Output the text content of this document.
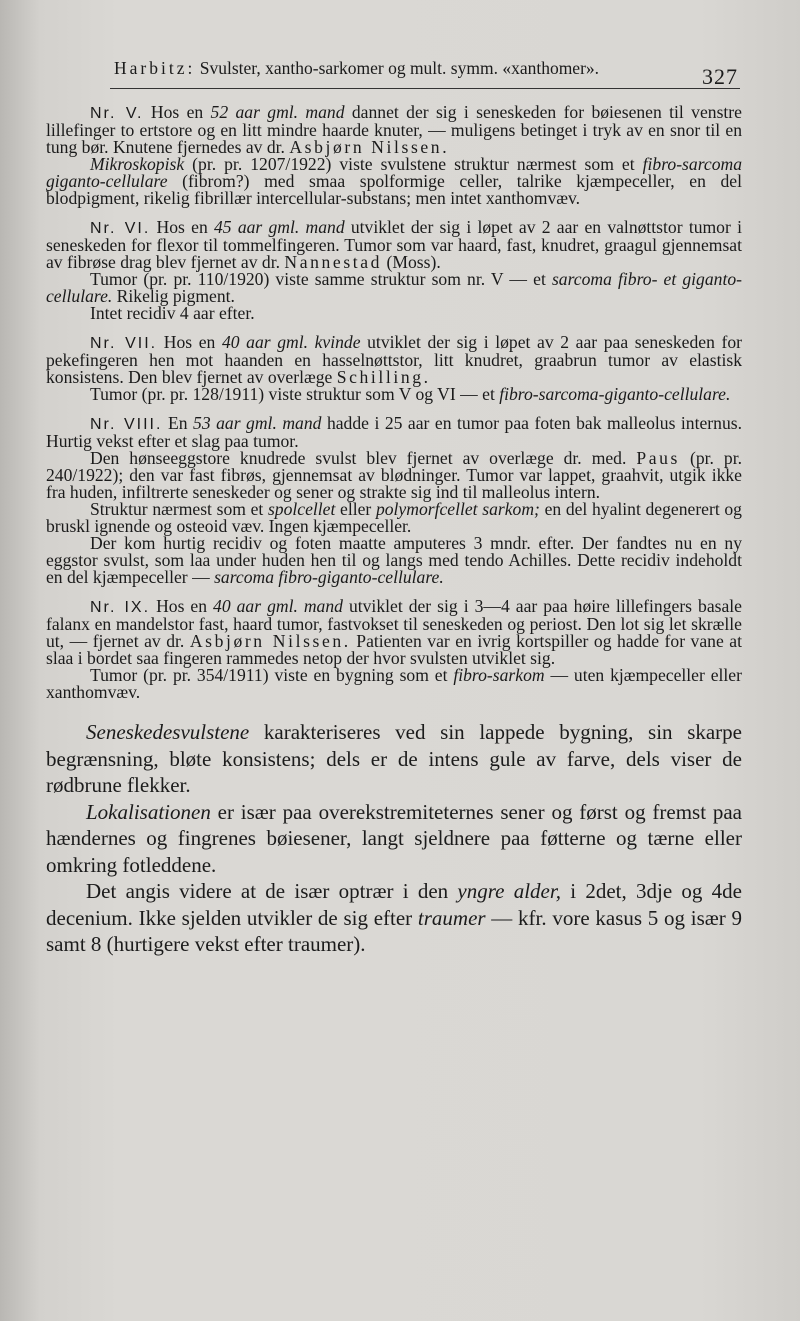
Harbitz: Svulster, xantho-sarkomer og mult. symm. «xanthomer».	327

Nr. V. Hos en 52 aar gml. mand dannet der sig i seneskeden for bøiesenen til venstre lillefinger to ertstore og en litt mindre haarde knuter, — muligens betinget i tryk av en snor til en tung bør. Knutene fjernedes av dr. Asbjørn Nilssen.

Mikroskopisk (pr. pr. 1207/1922) viste svulstene struktur nærmest som et fibro-sarcoma giganto-cellulare (fibrom?) med smaa spolformige celler, talrike kjæmpeceller, en del blodpigment, rikelig fibrillær intercellular-substans; men intet xanthomvæv.

Nr. VI. Hos en 45 aar gml. mand utviklet der sig i løpet av 2 aar en valnøttstor tumor i seneskeden for flexor til tommelfingeren. Tumor som var haard, fast, knudret, graagul gjennemsat av fibrøse drag blev fjernet av dr. Nannestad (Moss).

Tumor (pr. pr. 110/1920) viste samme struktur som nr. V — et sarcoma fibro- et giganto-cellulare. Rikelig pigment.

Intet recidiv 4 aar efter.

Nr. VII. Hos en 40 aar gml. kvinde utviklet der sig i løpet av 2 aar paa seneskeden for pekefingeren hen mot haanden en hasselnøttstor, litt knudret, graabrun tumor av elastisk konsistens. Den blev fjernet av overlæge Schilling.

Tumor (pr. pr. 128/1911) viste struktur som V og VI — et fibro-sarcoma-giganto-cellulare.

Nr. VIII. En 53 aar gml. mand hadde i 25 aar en tumor paa foten bak malleolus internus. Hurtig vekst efter et slag paa tumor.

Den hønseeggstore knudrede svulst blev fjernet av overlæge dr. med. Paus (pr. pr. 240/1922); den var fast fibrøs, gjennemsat av blødninger. Tumor var lappet, graahvit, utgik ikke fra huden, infiltrerte seneskeder og sener og strakte sig ind til malleolus intern.

Struktur nærmest som et spolcellet eller polymorfcellet sarkom; en del hyalint degenerert og bruskl ignende og osteoid væv. Ingen kjæmpeceller.

Der kom hurtig recidiv og foten maatte amputeres 3 mndr. efter. Der fandtes nu en ny eggstor svulst, som laa under huden hen til og langs med tendo Achilles. Dette recidiv indeholdt en del kjæmpeceller — sarcoma fibro-giganto-cellulare.

Nr. IX. Hos en 40 aar gml. mand utviklet der sig i 3—4 aar paa høire lillefingers basale falanx en mandelstor fast, haard tumor, fastvokset til seneskeden og periost. Den lot sig let skrælle ut, — fjernet av dr. Asbjørn Nilssen. Patienten var en ivrig kortspiller og hadde for vane at slaa i bordet saa fingeren rammedes netop der hvor svulsten utviklet sig.

Tumor (pr. pr. 354/1911) viste en bygning som et fibro-sarkom — uten kjæmpeceller eller xanthomvæv.

Seneskedesvulstene karakteriseres ved sin lappede bygning, sin skarpe begrænsning, bløte konsistens; dels er de intens gule av farve, dels viser de rødbrune flekker.

Lokalisationen er især paa overekstremiteternes sener og først og fremst paa hændernes og fingrenes bøiesener, langt sjeldnere paa føtterne og tærne eller omkring fotleddene.

Det angis videre at de især optrær i den yngre alder, i 2det, 3dje og 4de decenium. Ikke sjelden utvikler de sig efter traumer — kfr. vore kasus 5 og især 9 samt 8 (hurtigere vekst efter traumer).
